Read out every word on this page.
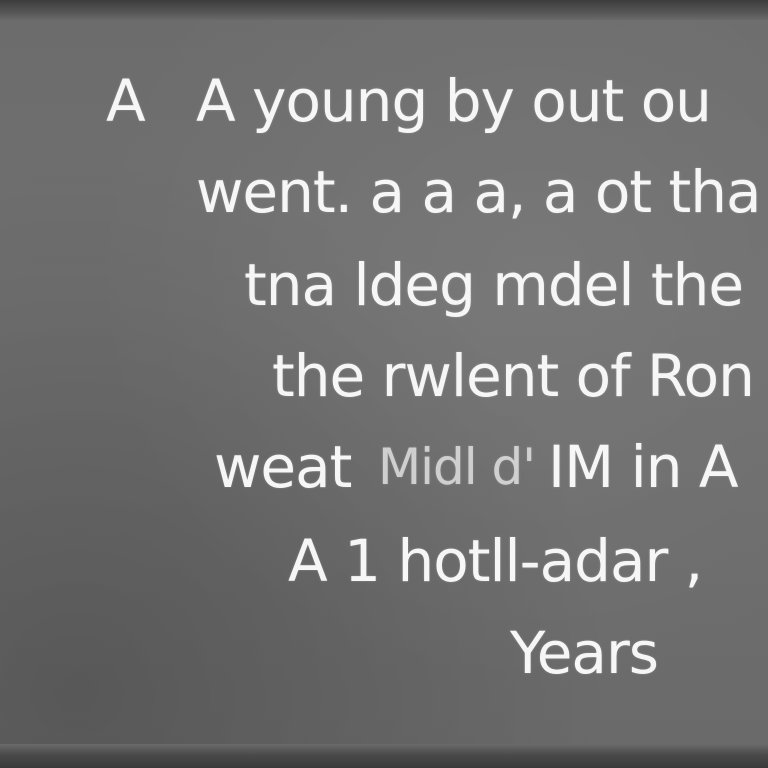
A A young by out ou
went. a a a, a ot tha
tna ldeg mdel the
the rwlent of Ron
weat Midl d' IM in A
A 1 hotll-adar ,
Years
